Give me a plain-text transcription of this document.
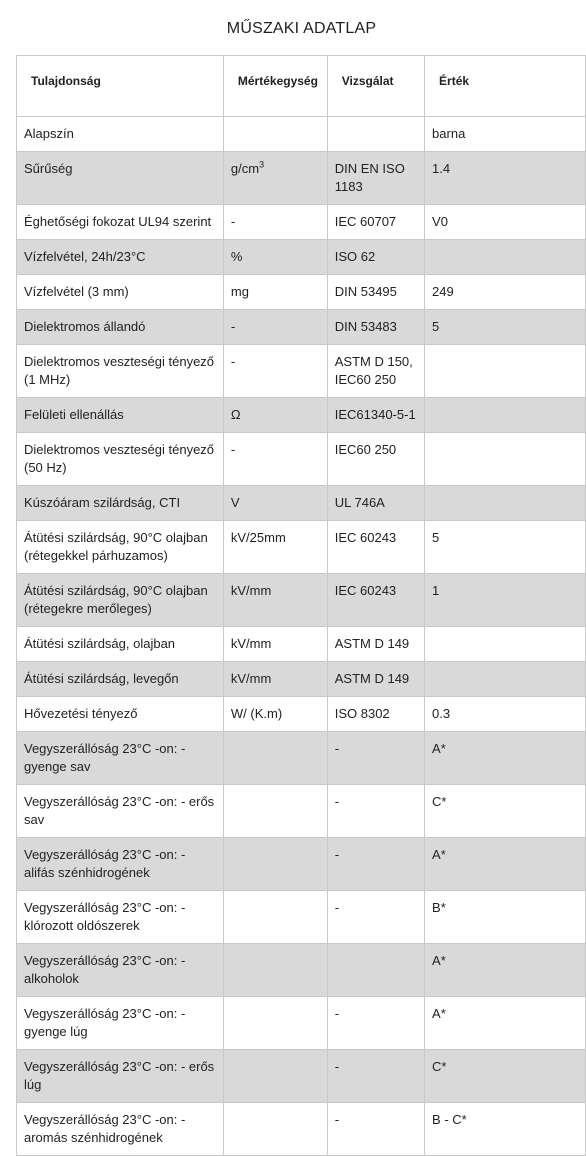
MŰSZAKI ADATLAP
Tulajdonság	Mértékegység	Vizsgálat	Érték
Alapszín			barna
Sűrűség	$g/cm^3$	DIN EN ISO 1183	1.4
Éghetőségi fokozat UL94 szerint	-	IEC 60707	V0
Vízfelvétel, 24h/23°C	%	ISO 62	
Vízfelvétel (3 mm)	mg	DIN 53495	249
Dielektromos állandó	-	DIN 53483	5
Dielektromos veszteségi tényező (1 MHz)	-	ASTM D 150, IEC60 250	
Felületi ellenállás	Ω	IEC61340-5-1	
Dielektromos veszteségi tényező (50 Hz)	-	IEC60 250	
Kúszóáram szilárdság, CTI	V	UL 746A	
Átütési szilárdság, 90°C olajban (rétegekkel párhuzamos)	kV/25mm	IEC 60243	5
Átütési szilárdság, 90°C olajban (rétegekre merőleges)	kV/mm	IEC 60243	1
Átütési szilárdság, olajban	kV/mm	ASTM D 149	
Átütési szilárdság, levegőn	kV/mm	ASTM D 149	
Hővezetési tényező	W/ (K.m)	ISO 8302	0.3
Vegyszerállóság 23°C -on: -gyenge sav		-	A*
Vegyszerállóság 23°C -on: - erős sav		-	C*
Vegyszerállóság 23°C -on: - alifás szénhidrogének		-	A*
Vegyszerállóság 23°C -on: -klórozott oldószerek		-	B*
Vegyszerállóság 23°C -on: -alkoholok			A*
Vegyszerállóság 23°C -on: - gyenge lúg		-	A*
Vegyszerállóság 23°C -on: - erős lúg		-	C*
Vegyszerállóság 23°C -on: -aromás szénhidrogének		-	B - C*
